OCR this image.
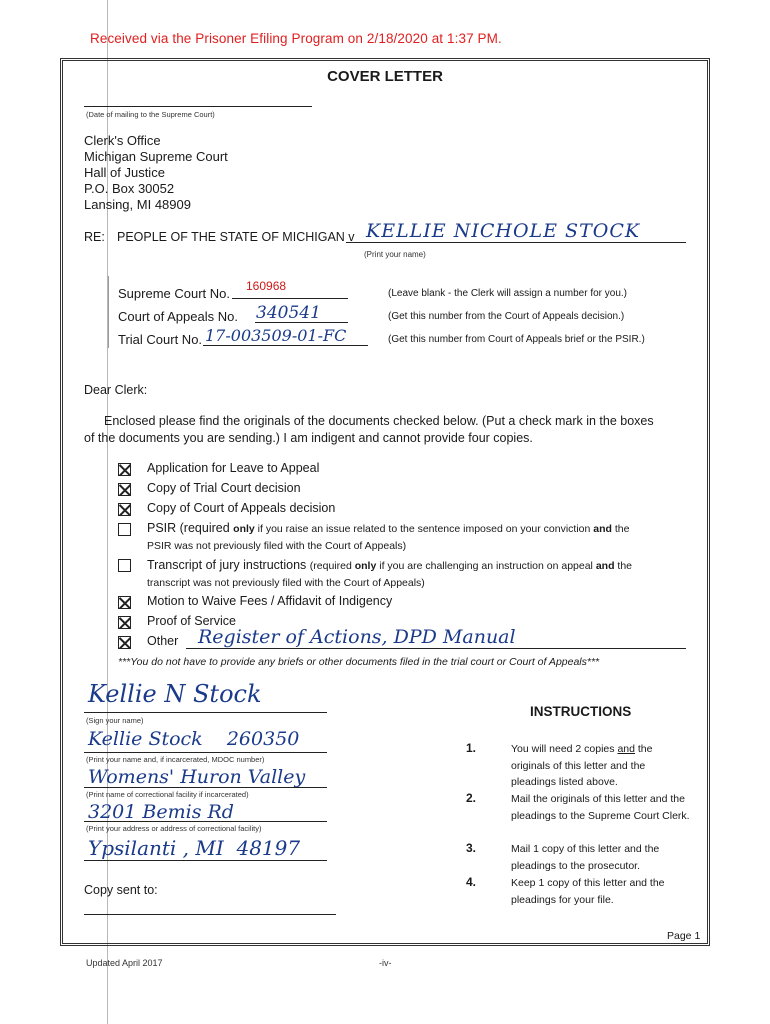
Received via the Prisoner Efiling Program on 2/18/2020 at 1:37 PM.
COVER LETTER
(Date of mailing to the Supreme Court)
Clerk's Office
Michigan Supreme Court
Hall of Justice
P.O. Box 30052
Lansing, MI 48909
RE: PEOPLE OF THE STATE OF MICHIGAN v KELLIE NICHOLE STOCK
(Print your name)
Supreme Court No. 160968
(Leave blank - the Clerk will assign a number for you.)
Court of Appeals No. 340541	(Get this number from the Court of Appeals decision.)
Trial Court No. 17-003509-01-FC	(Get this number from Court of Appeals brief or the PSIR.)
Dear Clerk:
Enclosed please find the originals of the documents checked below. (Put a check mark in the boxes
of the documents you are sending.) I am indigent and cannot provide four copies.
Application for Leave to Appeal
Copy of Trial Court decision
Copy of Court of Appeals decision
PSIR (required only if you raise an issue related to the sentence imposed on your conviction and the
PSIR was not previously filed with the Court of Appeals)
Transcript of jury instructions (required only if you are challenging an instruction on appeal and the
transcript was not previously filed with the Court of Appeals)
Motion to Waive Fees / Affidavit of Indigency
Proof of Service
Other Register of Actions, DPD Manual
***You do not have to provide any briefs or other documents filed in the trial court or Court of Appeals***
Kellie N Stock
(Sign your name)
Kellie Stock    260350
(Print your name and, if incarcerated, MDOC number)
Womens' Huron Valley
(Print name of correctional facility if incarcerated)
3201 Bemis Rd
(Print your address or address of correctional facility)
Ypsilanti , MI  48197
Copy sent to:
INSTRUCTIONS
1.	You will need 2 copies and the originals of this letter and the pleadings listed above.
2.	Mail the originals of this letter and the pleadings to the Supreme Court Clerk.
3.	Mail 1 copy of this letter and the pleadings to the prosecutor.
4.	Keep 1 copy of this letter and the pleadings for your file.
Page 1
Updated April 2017	-iv-
